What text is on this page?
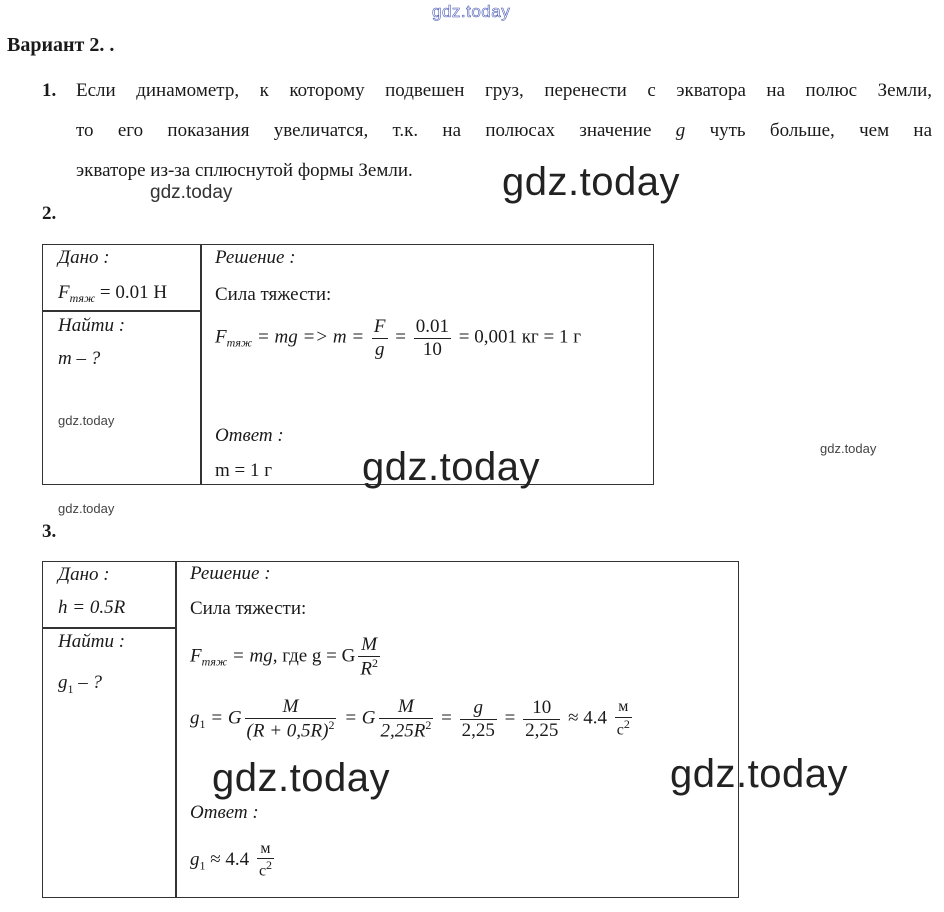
gdz.today
Вариант 2. .
1. Если динамометр, к которому подвешен груз, перенести с экватора на полюс Земли,
то его показания увеличатся, т.к. на полюсах значение g чуть больше, чем на
экваторе из-за сплюснутой формы Земли. gdz.today
gdz.today
2.
Дано :
$F_{тяж} = 0.01$ Н
Найти :
m – ?
Решение :
Сила тяжести:
$F_{тяж}$ = mg => $m = \frac{F}{g} = \frac{0.01}{10} = 0,001$ кг = 1 г
Ответ :
m = 1 г
gdz.today
gdz.today	gdz.today
gdz.today
3.
Дано :
h = 0.5R
Найти :
$g_1$ – ?
Решение :
Сила тяжести:
$F_{тяж}$ = mg, где g = G $\frac{M}{R^2}$
$g_1 = G \frac{M}{(R + 0,5R)^2} = G \frac{M}{2,25R^2} = \frac{g}{2,25} = \frac{10}{2,25} \approx 4.4 \frac{м}{с^2}$
Ответ :
$g_1 \approx 4.4 \frac{м}{с^2}$
gdz.today	gdz.today
